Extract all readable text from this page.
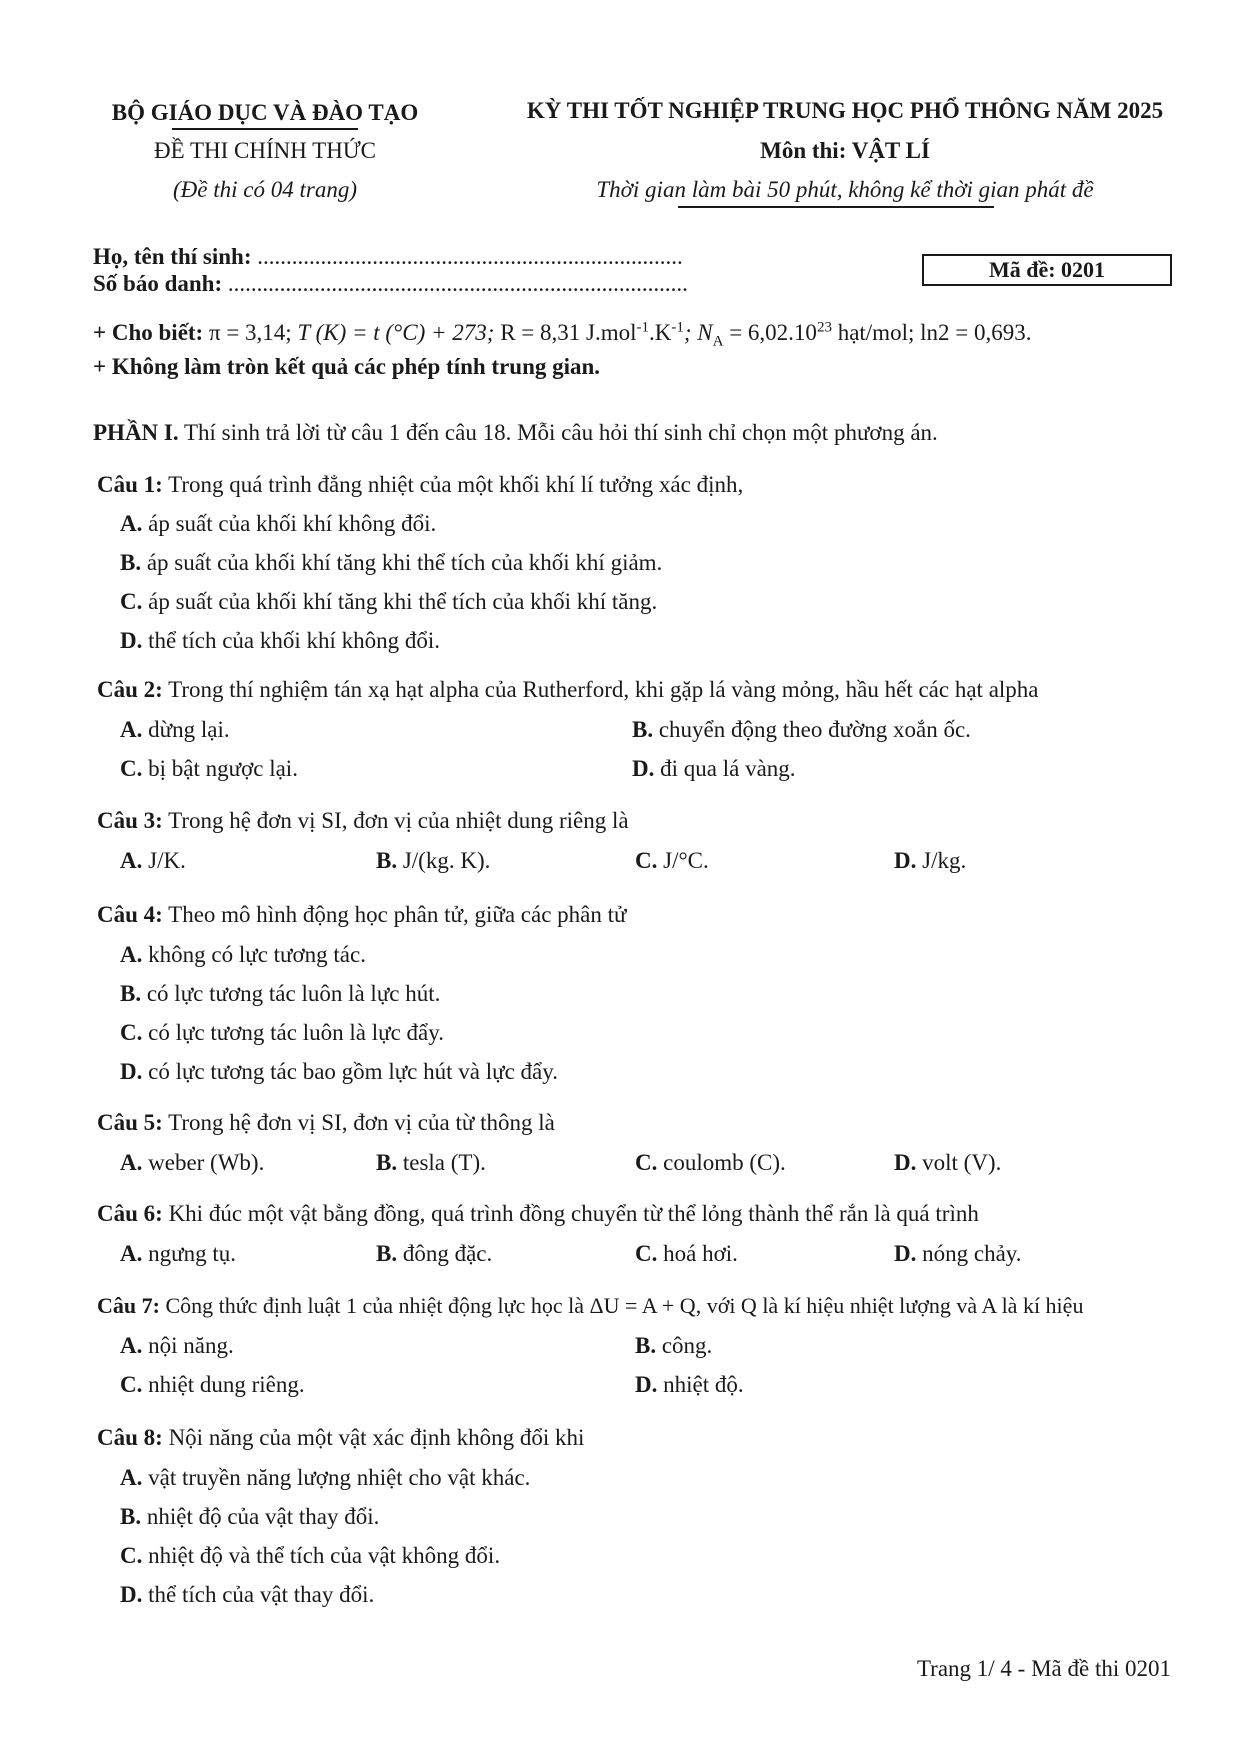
BỘ GIÁO DỤC VÀ ĐÀO TẠO
ĐỀ THI CHÍNH THỨC
(Đề thi có 04 trang)
KỲ THI TỐT NGHIỆP TRUNG HỌC PHỔ THÔNG NĂM 2025
Môn thi: VẬT LÍ
Thời gian làm bài 50 phút, không kể thời gian phát đề
Họ, tên thí sinh: ..........................................................................
Số báo danh: ................................................................................
Mã đề: 0201
+ Cho biết: π = 3,14; T (K) = t (°C) + 273; R = 8,31 $J.mol^{-1}.K^{-1}$; $N_A = 6,02.10^{23}$ hạt/mol; ln2 = 0,693.
+ Không làm tròn kết quả các phép tính trung gian.
PHẦN I. Thí sinh trả lời từ câu 1 đến câu 18. Mỗi câu hỏi thí sinh chỉ chọn một phương án.
Câu 1: Trong quá trình đẳng nhiệt của một khối khí lí tưởng xác định,
A. áp suất của khối khí không đổi.
B. áp suất của khối khí tăng khi thể tích của khối khí giảm.
C. áp suất của khối khí tăng khi thể tích của khối khí tăng.
D. thể tích của khối khí không đổi.
Câu 2: Trong thí nghiệm tán xạ hạt alpha của Rutherford, khi gặp lá vàng mỏng, hầu hết các hạt alpha
A. dừng lại.	B. chuyển động theo đường xoắn ốc.
C. bị bật ngược lại.	D. đi qua lá vàng.
Câu 3: Trong hệ đơn vị SI, đơn vị của nhiệt dung riêng là
A. J/K.	B. J/(kg. K).	C. J/°C.	D. J/kg.
Câu 4: Theo mô hình động học phân tử, giữa các phân tử
A. không có lực tương tác.
B. có lực tương tác luôn là lực hút.
C. có lực tương tác luôn là lực đẩy.
D. có lực tương tác bao gồm lực hút và lực đẩy.
Câu 5: Trong hệ đơn vị SI, đơn vị của từ thông là
A. weber (Wb).	B. tesla (T).	C. coulomb (C).	D. volt (V).
Câu 6: Khi đúc một vật bằng đồng, quá trình đồng chuyển từ thể lỏng thành thể rắn là quá trình
A. ngưng tụ.	B. đông đặc.	C. hoá hơi.	D. nóng chảy.
Câu 7: Công thức định luật 1 của nhiệt động lực học là ΔU = A + Q, với Q là kí hiệu nhiệt lượng và A là kí hiệu
A. nội năng.	B. công.
C. nhiệt dung riêng.	D. nhiệt độ.
Câu 8: Nội năng của một vật xác định không đổi khi
A. vật truyền năng lượng nhiệt cho vật khác.
B. nhiệt độ của vật thay đổi.
C. nhiệt độ và thể tích của vật không đổi.
D. thể tích của vật thay đổi.
Trang 1/ 4 - Mã đề thi 0201
